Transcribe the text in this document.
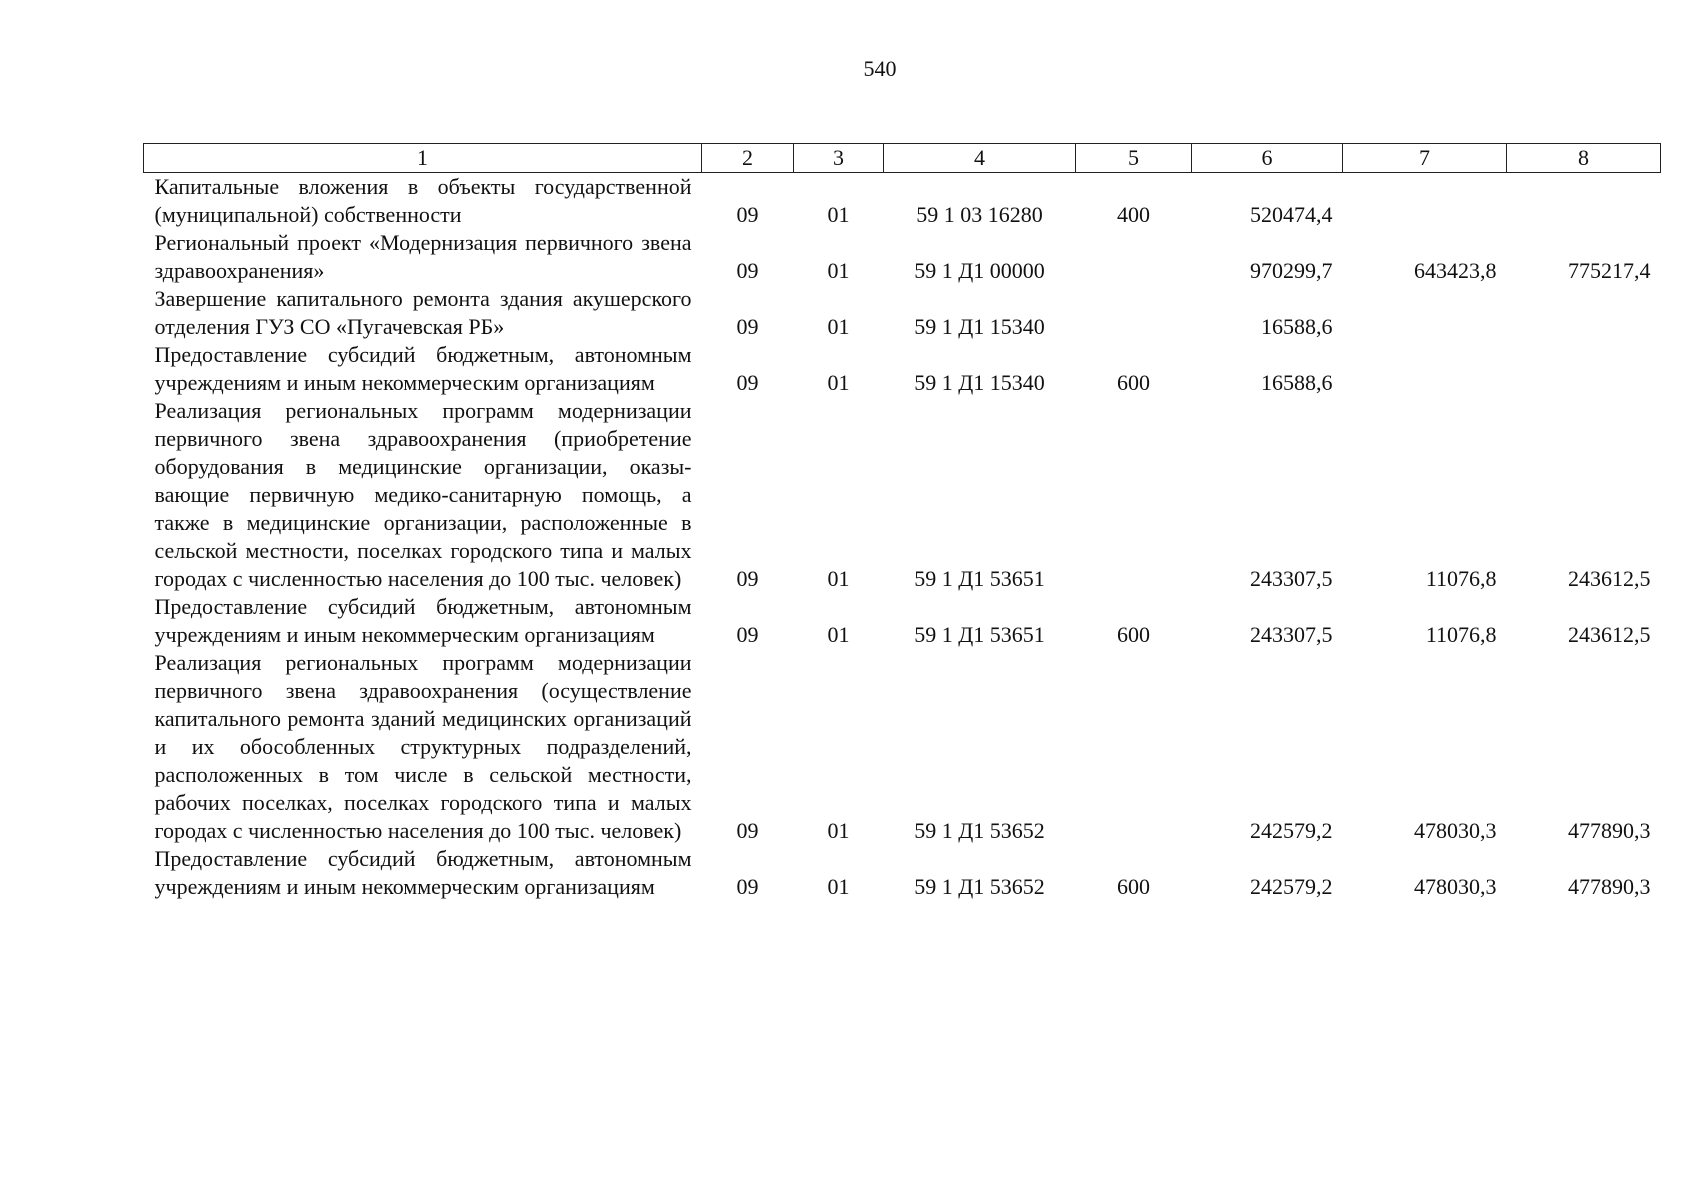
540
1	2	3	4	5	6	7	8
Капитальные вложения в объекты государственной (муниципальной) собственности	09	01	59 1 03 16280	400	520474,4		
Региональный проект «Модернизация первичного звена здравоохранения»	09	01	59 1 Д1 00000		970299,7	643423,8	775217,4
Завершение капитального ремонта здания акушерского отделения ГУЗ СО «Пугачевская РБ»	09	01	59 1 Д1 15340		16588,6		
Предоставление субсидий бюджетным, автономным учреждениям и иным некоммерческим организациям	09	01	59 1 Д1 15340	600	16588,6		
Реализация региональных программ модернизации первичного звена здравоохранения (приобретение оборудования в медицинские организации, оказывающие первичную медико-санитарную помощь, а также в медицинские организации, расположенные в сельской местности, поселках городского типа и малых городах с численностью населения до 100 тыс. человек)	09	01	59 1 Д1 53651		243307,5	11076,8	243612,5
Предоставление субсидий бюджетным, автономным учреждениям и иным некоммерческим организациям	09	01	59 1 Д1 53651	600	243307,5	11076,8	243612,5
Реализация региональных программ модернизации первичного звена здравоохранения (осуществление капитального ремонта зданий медицинских организаций и их обособленных структурных подразделений, расположенных в том числе в сельской местности, рабочих поселках, поселках городского типа и малых городах с численностью населения до 100 тыс. человек)	09	01	59 1 Д1 53652		242579,2	478030,3	477890,3
Предоставление субсидий бюджетным, автономным учреждениям и иным некоммерческим организациям	09	01	59 1 Д1 53652	600	242579,2	478030,3	477890,3
